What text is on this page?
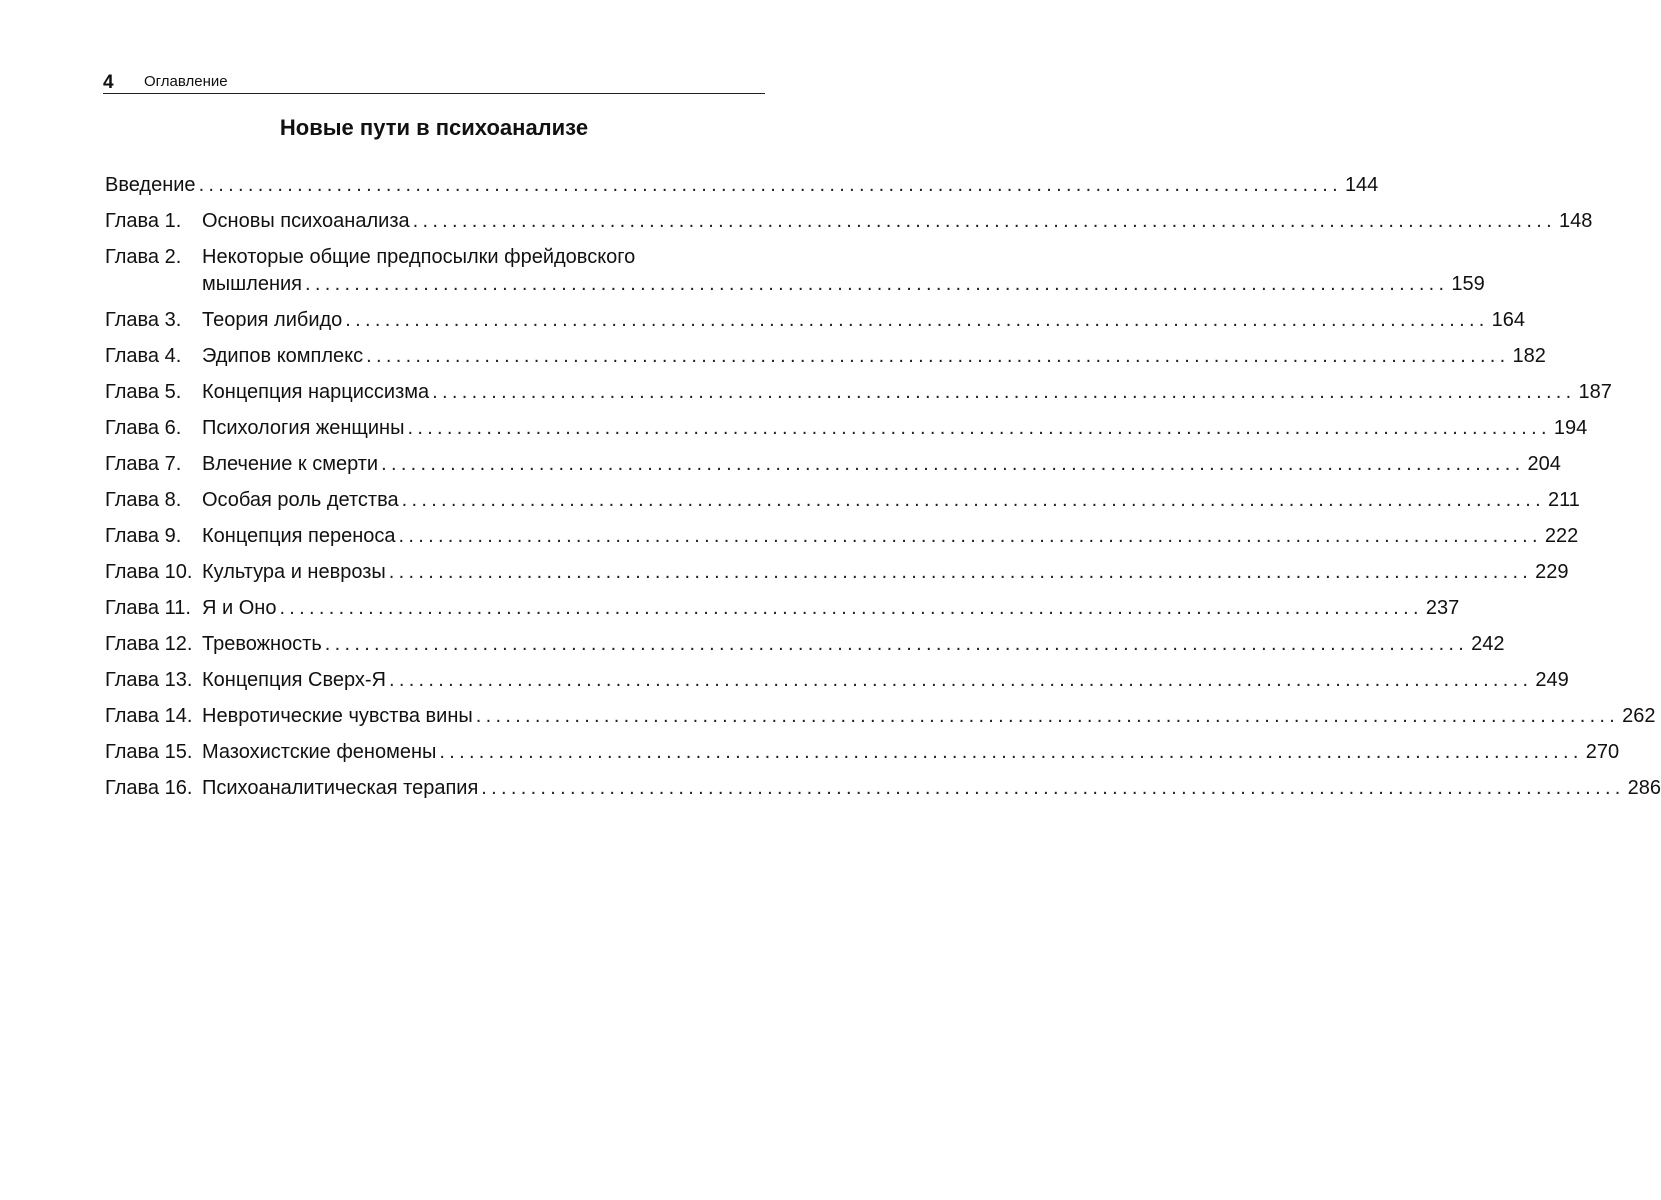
4 Оглавление
Новые пути в психоанализе
Введение .................................................................................................................... 144
Глава 1.	Основы психоанализа .................................................................................................................... 148
Глава 2.	Некоторые общие предпосылки фрейдовского
мышления .................................................................................................................... 159
Глава 3.	Теория либидо .................................................................................................................... 164
Глава 4.	Эдипов комплекс .................................................................................................................... 182
Глава 5.	Концепция нарциссизма .................................................................................................................... 187
Глава 6.	Психология женщины .................................................................................................................... 194
Глава 7.	Влечение к смерти .................................................................................................................... 204
Глава 8.	Особая роль детства .................................................................................................................... 211
Глава 9.	Концепция переноса .................................................................................................................... 222
Глава 10. Культура и неврозы .................................................................................................................... 229
Глава 11. Я и Оно .................................................................................................................... 237
Глава 12. Тревожность .................................................................................................................... 242
Глава 13. Концепция Сверх-Я .................................................................................................................... 249
Глава 14. Невротические чувства вины .................................................................................................................... 262
Глава 15. Мазохистские феномены .................................................................................................................... 270
Глава 16. Психоаналитическая терапия .................................................................................................................... 286
